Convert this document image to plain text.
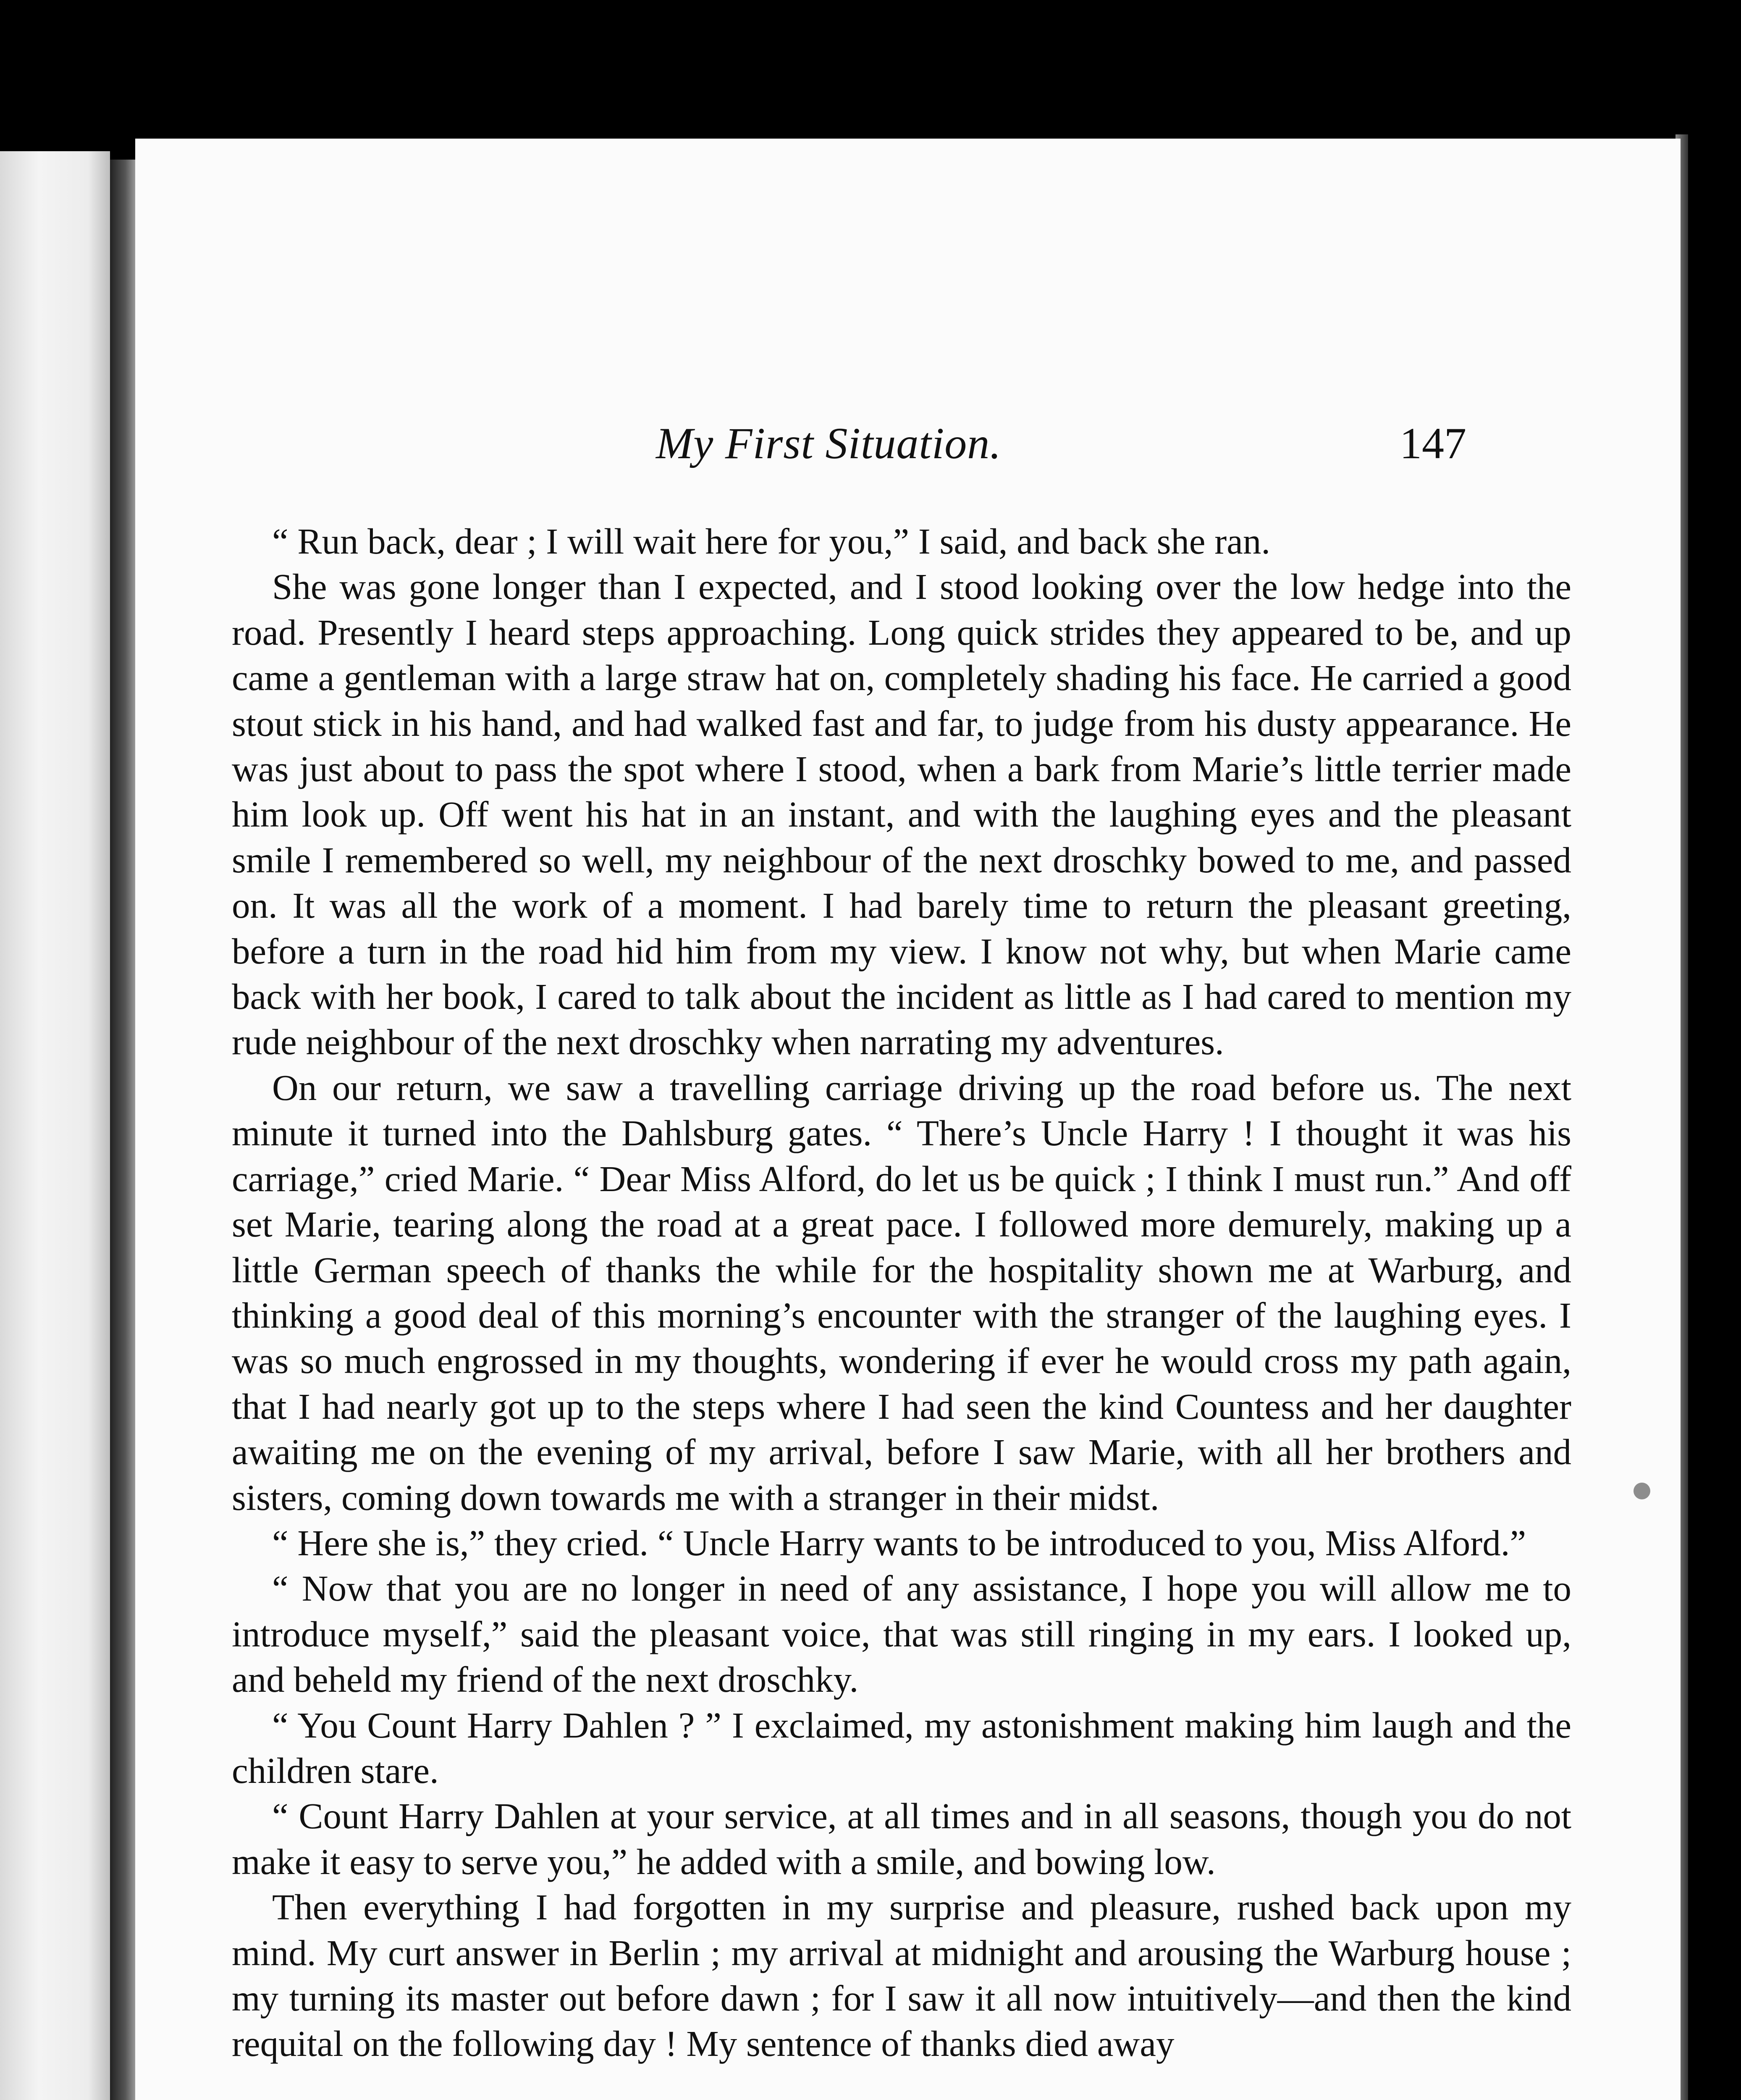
My First Situation.	147

“ Run back, dear ; I will wait here for you,” I said, and back she ran.

She was gone longer than I expected, and I stood looking over the low hedge into the road. Presently I heard steps approaching. Long quick strides they appeared to be, and up came a gentleman with a large straw hat on, completely shading his face. He carried a good stout stick in his hand, and had walked fast and far, to judge from his dusty appearance. He was just about to pass the spot where I stood, when a bark from Marie’s little terrier made him look up. Off went his hat in an instant, and with the laughing eyes and the pleasant smile I remembered so well, my neighbour of the next droschky bowed to me, and passed on. It was all the work of a moment. I had barely time to return the pleasant greeting, before a turn in the road hid him from my view. I know not why, but when Marie came back with her book, I cared to talk about the incident as little as I had cared to mention my rude neighbour of the next droschky when narrating my adventures.

On our return, we saw a travelling carriage driving up the road before us. The next minute it turned into the Dahlsburg gates. “ There’s Uncle Harry ! I thought it was his carriage,” cried Marie. “ Dear Miss Alford, do let us be quick ; I think I must run.” And off set Marie, tearing along the road at a great pace. I followed more demurely, making up a little German speech of thanks the while for the hospitality shown me at Warburg, and thinking a good deal of this morning’s encounter with the stranger of the laughing eyes. I was so much engrossed in my thoughts, wondering if ever he would cross my path again, that I had nearly got up to the steps where I had seen the kind Countess and her daughter awaiting me on the evening of my arrival, before I saw Marie, with all her brothers and sisters, coming down towards me with a stranger in their midst.

“ Here she is,” they cried. “ Uncle Harry wants to be introduced to you, Miss Alford.”

“ Now that you are no longer in need of any assistance, I hope you will allow me to introduce myself,” said the pleasant voice, that was still ringing in my ears. I looked up, and beheld my friend of the next droschky.

“ You Count Harry Dahlen ? ” I exclaimed, my astonishment making him laugh and the children stare.

“ Count Harry Dahlen at your service, at all times and in all seasons, though you do not make it easy to serve you,” he added with a smile, and bowing low.

Then everything I had forgotten in my surprise and pleasure, rushed back upon my mind. My curt answer in Berlin ; my arrival at midnight and arousing the Warburg house ; my turning its master out before dawn ; for I saw it all now intuitively—and then the kind requital on the following day ! My sentence of thanks died away
